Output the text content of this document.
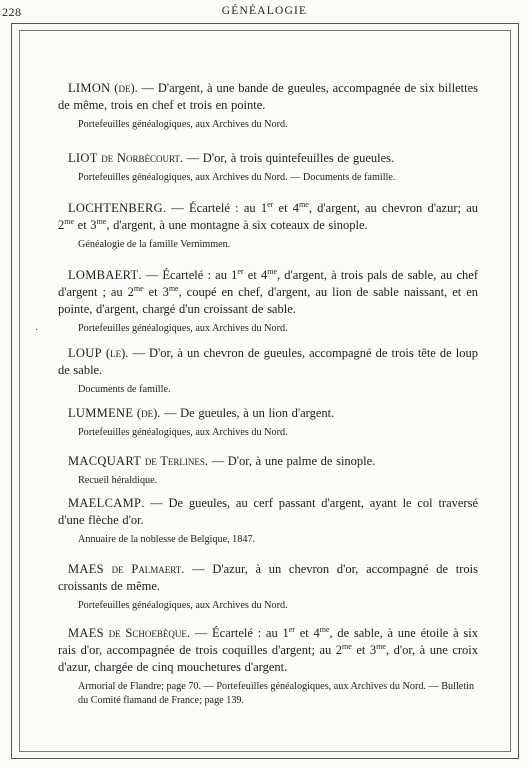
228	GÉNÉALOGIE
·

LIMON (de). — D'argent, à une bande de gueules, accompagnée de six billettes de même, trois en chef et trois en pointe.

Portefeuilles généalogiques, aux Archives du Nord.

LIOT de Norbécourt. — D'or, à trois quintefeuilles de gueules.

Portefeuilles généalogiques, aux Archives du Nord. — Documents de famille.

LOCHTENBERG. — Écartelé : au 1er et $4^{me}$, d'argent, au chevron d'azur; au $2^{me}$ et $3^{me}$, d'argent, à une montagne à six coteaux de sinople.

Généalogie de la famille Vernimmen.

LOMBAERT. — Écartelé : au 1er et $4^{me}$, d'argent, à trois pals de sable, au chef d'argent ; au $2^{me}$ et $3^{me}$, coupé en chef, d'argent, au lion de sable naissant, et en pointe, d'argent, chargé d'un croissant de sable.

Portefeuilles généalogiques, aux Archives du Nord.

LOUP (le). — D'or, à un chevron de gueules, accompagné de trois tête de loup de sable.

Documents de famille.

LUMMENE (de). — De gueules, à un lion d'argent.

Portefeuilles généalogiques, aux Archives du Nord.

MACQUART de Terlines. — D'or, à une palme de sinople.

Recueil héraldique.

MAELCAMP. — De gueules, au cerf passant d'argent, ayant le col traversé d'une flèche d'or.

Annuaire de la noblesse de Belgique, 1847.

MAES de Palmaert. — D'azur, à un chevron d'or, accompagné de trois croissants de même.

Portefeuilles généalogiques, aux Archives du Nord.

MAES de Schoebèque. — Écartelé : au 1er et $4^{me}$, de sable, à une étoile à six rais d'or, accompagnée de trois coquilles d'argent; au $2^{me}$ et $3^{me}$, d'or, à une croix d'azur, chargée de cinq mouchetures d'argent.

Armorial de Flandre; page 70. — Portefeuilles généalogiques, aux Archives du Nord. — Bulletin du Comité flamand de France; page 139.
